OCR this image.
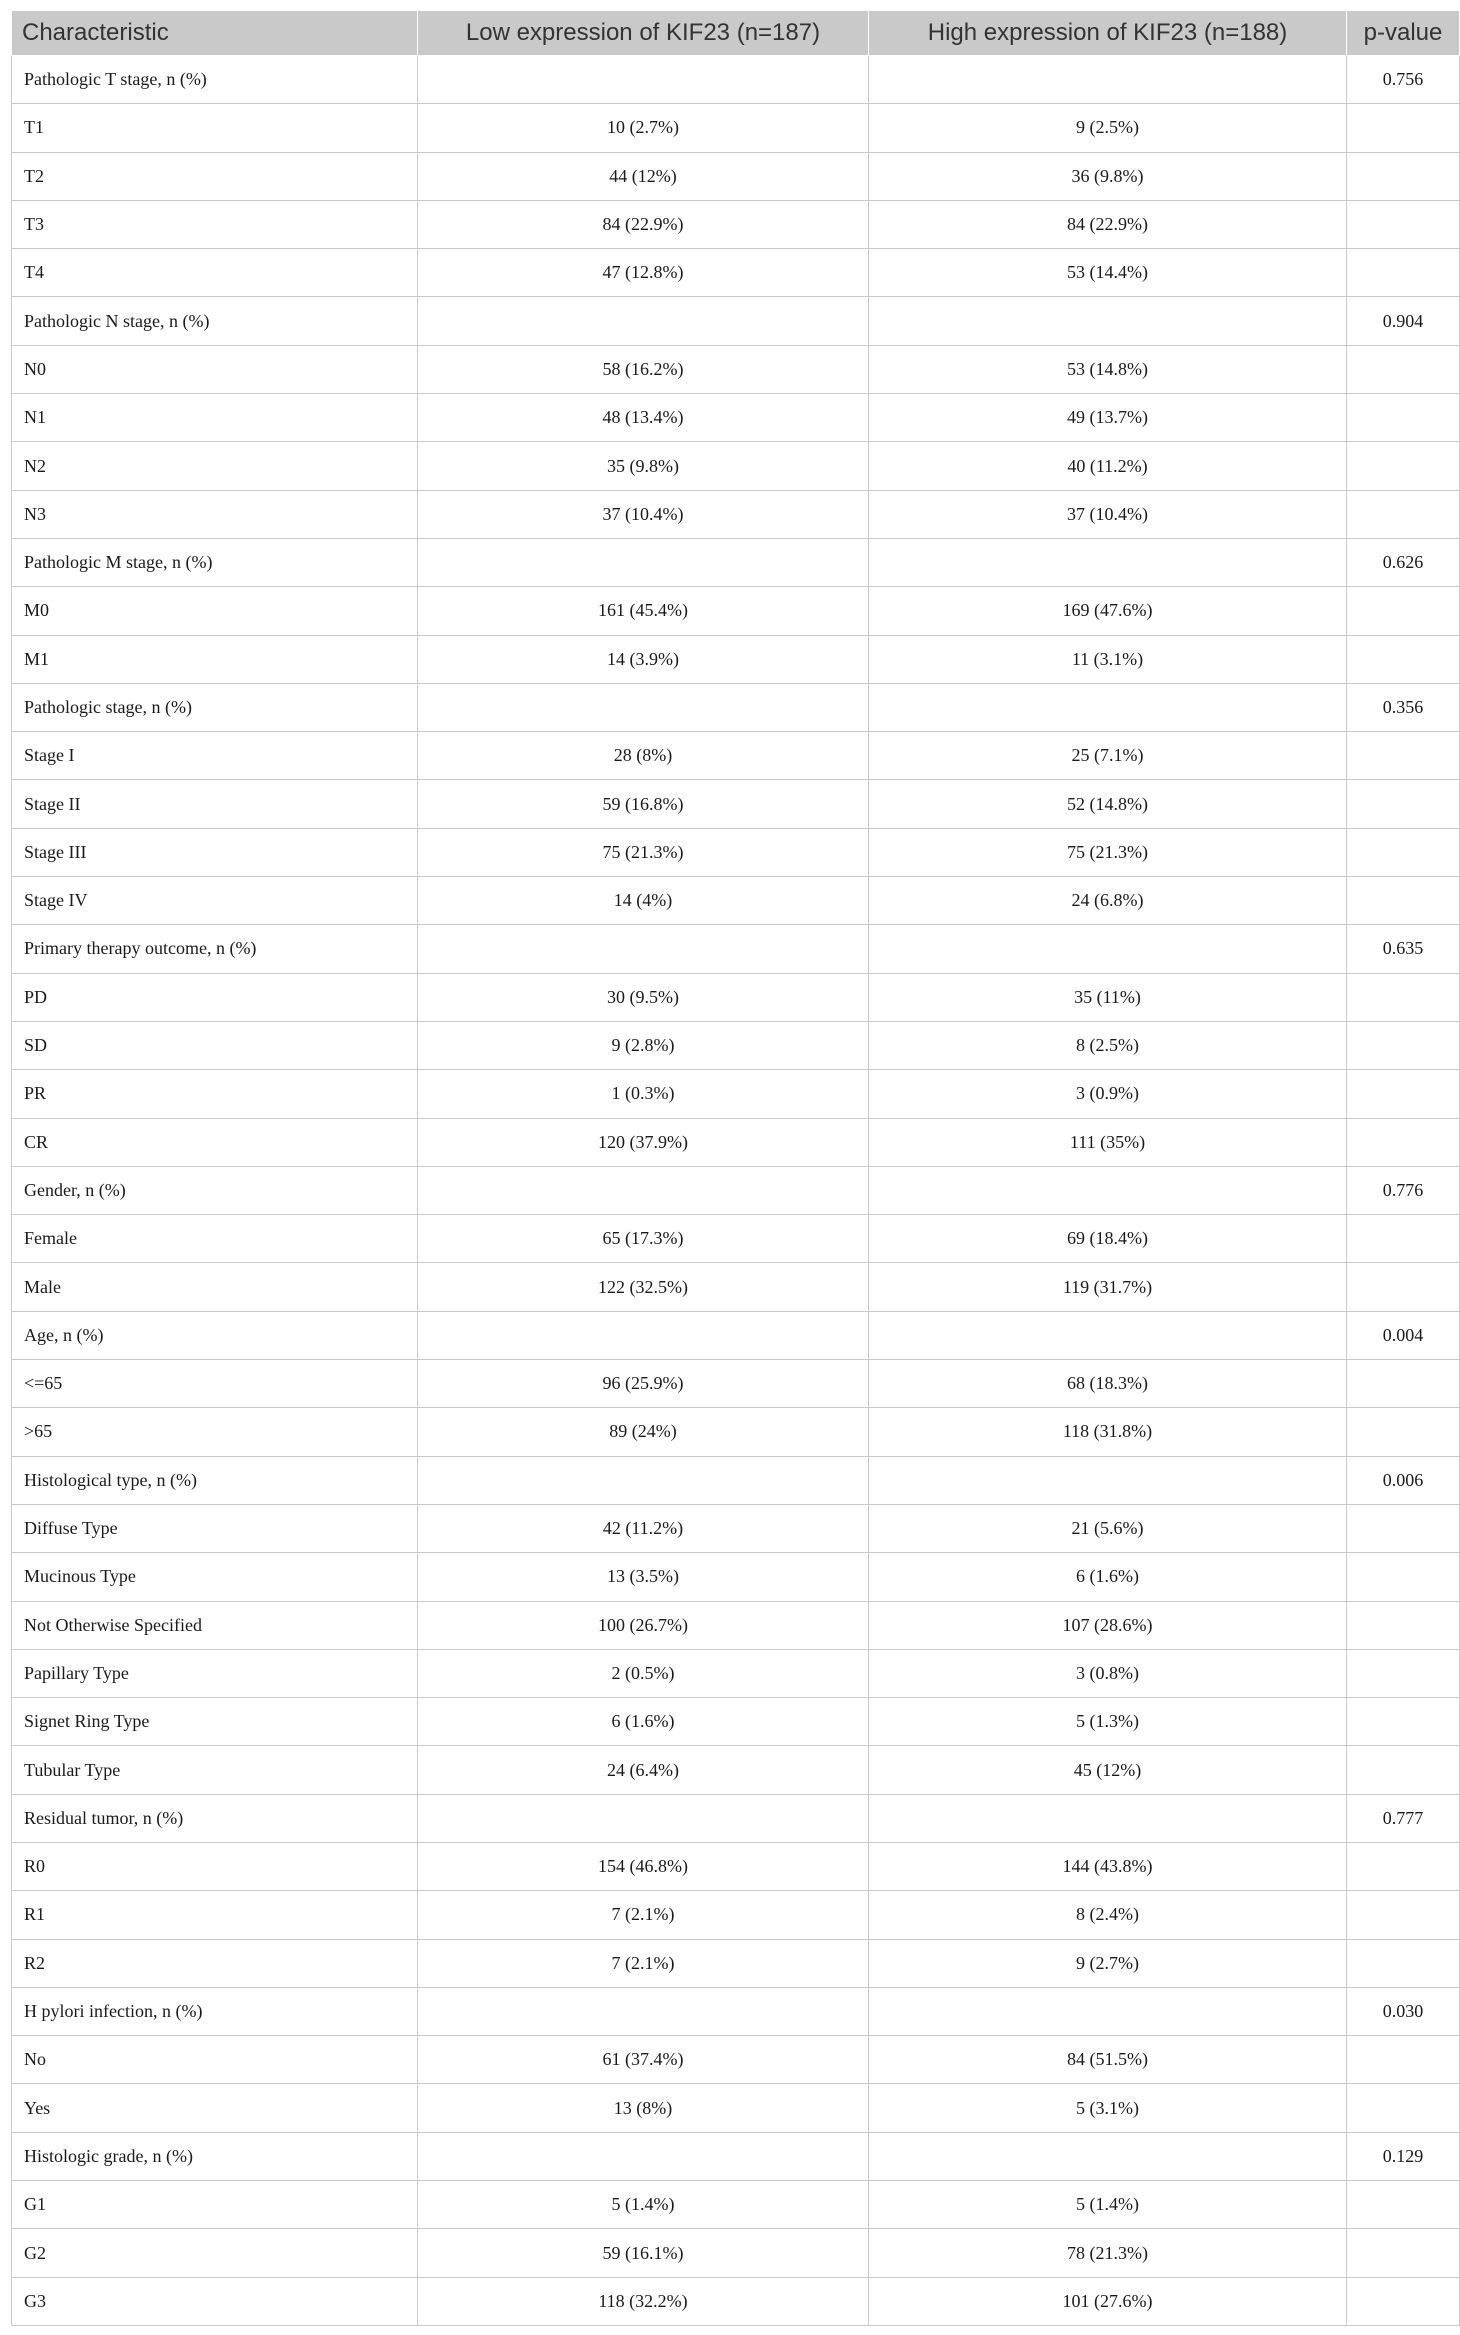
Characteristic	Low expression of KIF23 (n=187)	High expression of KIF23 (n=188)	p-value
Pathologic T stage, n (%)			0.756
T1	10 (2.7%)	9 (2.5%)	
T2	44 (12%)	36 (9.8%)	
T3	84 (22.9%)	84 (22.9%)	
T4	47 (12.8%)	53 (14.4%)	
Pathologic N stage, n (%)			0.904
N0	58 (16.2%)	53 (14.8%)	
N1	48 (13.4%)	49 (13.7%)	
N2	35 (9.8%)	40 (11.2%)	
N3	37 (10.4%)	37 (10.4%)	
Pathologic M stage, n (%)			0.626
M0	161 (45.4%)	169 (47.6%)	
M1	14 (3.9%)	11 (3.1%)	
Pathologic stage, n (%)			0.356
Stage I	28 (8%)	25 (7.1%)	
Stage II	59 (16.8%)	52 (14.8%)	
Stage III	75 (21.3%)	75 (21.3%)	
Stage IV	14 (4%)	24 (6.8%)	
Primary therapy outcome, n (%)			0.635
PD	30 (9.5%)	35 (11%)	
SD	9 (2.8%)	8 (2.5%)	
PR	1 (0.3%)	3 (0.9%)	
CR	120 (37.9%)	111 (35%)	
Gender, n (%)			0.776
Female	65 (17.3%)	69 (18.4%)	
Male	122 (32.5%)	119 (31.7%)	
Age, n (%)			0.004
<=65	96 (25.9%)	68 (18.3%)	
>65	89 (24%)	118 (31.8%)	
Histological type, n (%)			0.006
Diffuse Type	42 (11.2%)	21 (5.6%)	
Mucinous Type	13 (3.5%)	6 (1.6%)	
Not Otherwise Specified	100 (26.7%)	107 (28.6%)	
Papillary Type	2 (0.5%)	3 (0.8%)	
Signet Ring Type	6 (1.6%)	5 (1.3%)	
Tubular Type	24 (6.4%)	45 (12%)	
Residual tumor, n (%)			0.777
R0	154 (46.8%)	144 (43.8%)	
R1	7 (2.1%)	8 (2.4%)	
R2	7 (2.1%)	9 (2.7%)	
H pylori infection, n (%)			0.030
No	61 (37.4%)	84 (51.5%)	
Yes	13 (8%)	5 (3.1%)	
Histologic grade, n (%)			0.129
G1	5 (1.4%)	5 (1.4%)	
G2	59 (16.1%)	78 (21.3%)	
G3	118 (32.2%)	101 (27.6%)	
